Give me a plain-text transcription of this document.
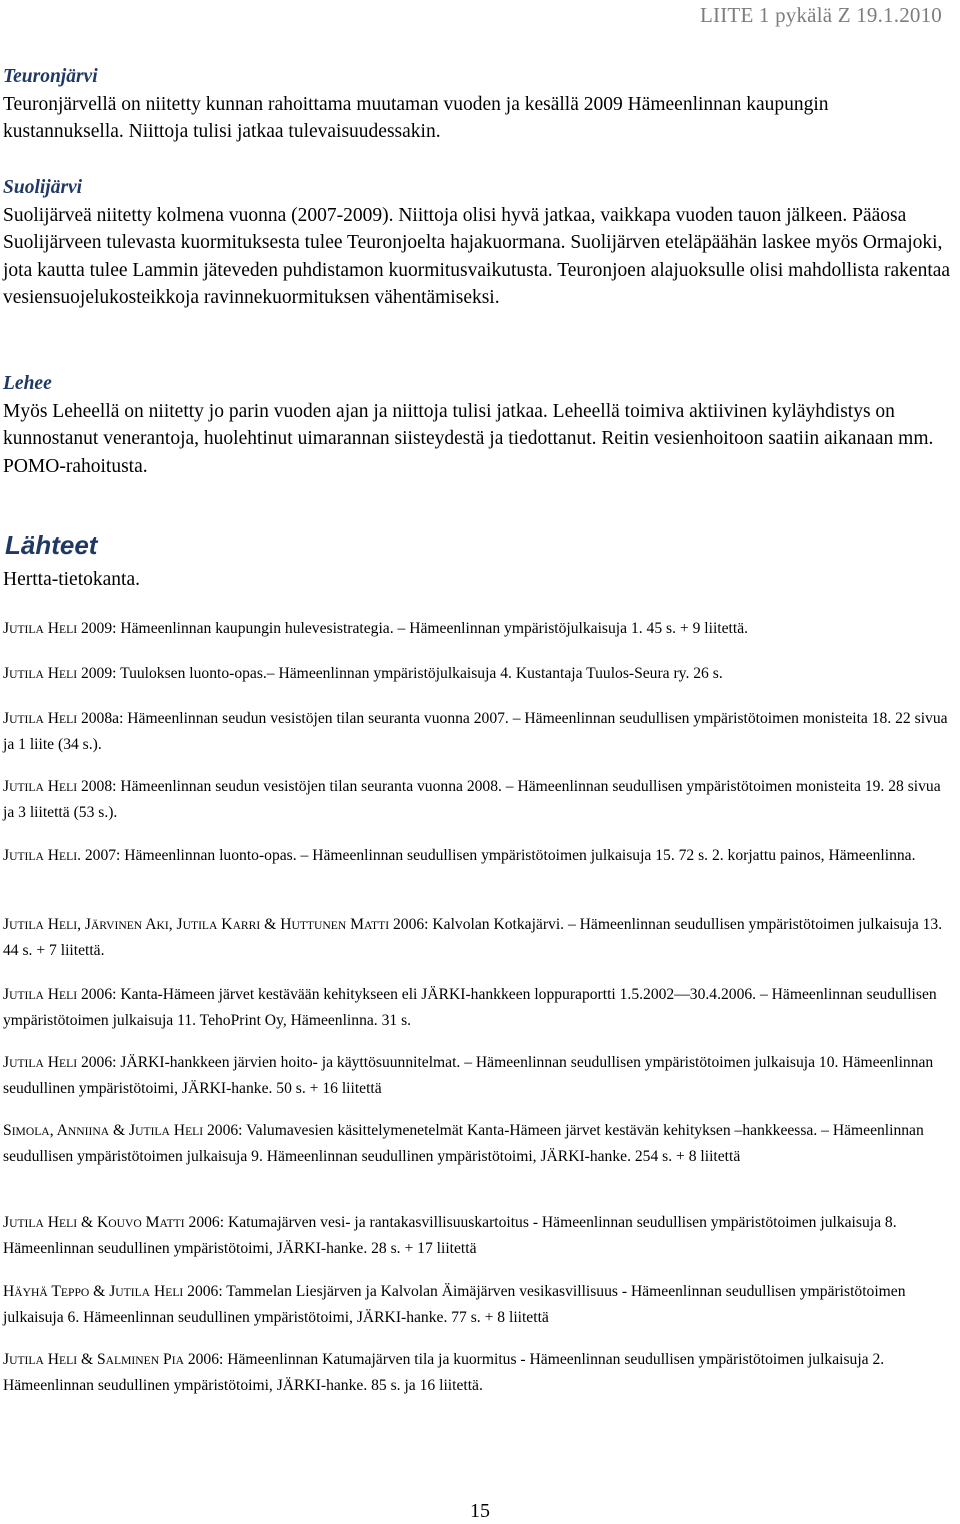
LIITE 1 pykälä Z 19.1.2010
Teuronjärvi
Teuronjärvellä on niitetty kunnan rahoittama muutaman vuoden ja kesällä 2009 Hämeenlinnan kaupungin kustannuksella. Niittoja tulisi jatkaa tulevaisuudessakin.
Suolijärvi
Suolijärveä niitetty kolmena vuonna (2007-2009). Niittoja olisi hyvä jatkaa, vaikkapa vuoden tauon jälkeen. Pääosa Suolijärveen tulevasta kuormituksesta tulee Teuronjoelta hajakuormana. Suolijärven eteläpäähän laskee myös Ormajoki, jota kautta tulee Lammin jäteveden puhdistamon kuormitusvaikutusta. Teuronjoen alajuoksulle olisi mahdollista rakentaa vesiensuojelukosteikkoja ravinnekuormituksen vähentämiseksi.
Lehee
Myös Leheellä on niitetty jo parin vuoden ajan ja niittoja tulisi jatkaa. Leheellä toimiva aktiivinen kyläyhdistys on kunnostanut venerantoja, huolehtinut uimarannan siisteydestä ja tiedottanut. Reitin vesienhoitoon saatiin aikanaan mm. POMO-rahoitusta.
Lähteet
Hertta-tietokanta.
JUTILA HELI 2009: Hämeenlinnan kaupungin hulevesistrategia. – Hämeenlinnan ympäristöjulkaisuja 1. 45 s. + 9 liitettä.
JUTILA HELI 2009: Tuuloksen luonto-opas.– Hämeenlinnan ympäristöjulkaisuja 4. Kustantaja Tuulos-Seura ry. 26 s.
JUTILA HELI 2008a: Hämeenlinnan seudun vesistöjen tilan seuranta vuonna 2007. – Hämeenlinnan seudullisen ympäristötoimen monisteita 18. 22 sivua ja 1 liite (34 s.).
JUTILA HELI 2008: Hämeenlinnan seudun vesistöjen tilan seuranta vuonna 2008. – Hämeenlinnan seudullisen ympäristötoimen monisteita 19. 28 sivua ja 3 liitettä (53 s.).
JUTILA HELI. 2007: Hämeenlinnan luonto-opas. – Hämeenlinnan seudullisen ympäristötoimen julkaisuja 15. 72 s. 2. korjattu painos, Hämeenlinna.
JUTILA HELI, JÄRVINEN AKI, JUTILA KARRI & HUTTUNEN MATTI 2006: Kalvolan Kotkajärvi. – Hämeenlinnan seudullisen ympäristötoimen julkaisuja 13. 44 s. + 7 liitettä.
JUTILA HELI 2006: Kanta-Hämeen järvet kestävään kehitykseen eli JÄRKI-hankkeen loppuraportti 1.5.2002—30.4.2006. – Hämeenlinnan seudullisen ympäristötoimen julkaisuja 11. TehoPrint Oy, Hämeenlinna. 31 s.
JUTILA HELI 2006: JÄRKI-hankkeen järvien hoito- ja käyttösuunnitelmat. – Hämeenlinnan seudullisen ympäristötoimen julkaisuja 10. Hämeenlinnan seudullinen ympäristötoimi, JÄRKI-hanke. 50 s. + 16 liitettä
SIMOLA, ANNIINA & JUTILA HELI 2006: Valumavesien käsittelymenetelmät Kanta-Hämeen järvet kestävän kehityksen –hankkeessa. – Hämeenlinnan seudullisen ympäristötoimen julkaisuja 9. Hämeenlinnan seudullinen ympäristötoimi, JÄRKI-hanke. 254 s. + 8 liitettä
JUTILA HELI & KOUVO MATTI 2006: Katumajärven vesi- ja rantakasvillisuuskartoitus - Hämeenlinnan seudullisen ympäristötoimen julkaisuja 8. Hämeenlinnan seudullinen ympäristötoimi, JÄRKI-hanke. 28 s. + 17 liitettä
HÄYHÄ TEPPO & JUTILA HELI 2006: Tammelan Liesjärven ja Kalvolan Äimäjärven vesikasvillisuus - Hämeenlinnan seudullisen ympäristötoimen julkaisuja 6. Hämeenlinnan seudullinen ympäristötoimi, JÄRKI-hanke. 77 s. + 8 liitettä
JUTILA HELI & SALMINEN PIA 2006: Hämeenlinnan Katumajärven tila ja kuormitus - Hämeenlinnan seudullisen ympäristötoimen julkaisuja 2. Hämeenlinnan seudullinen ympäristötoimi, JÄRKI-hanke. 85 s. ja 16 liitettä.
15
